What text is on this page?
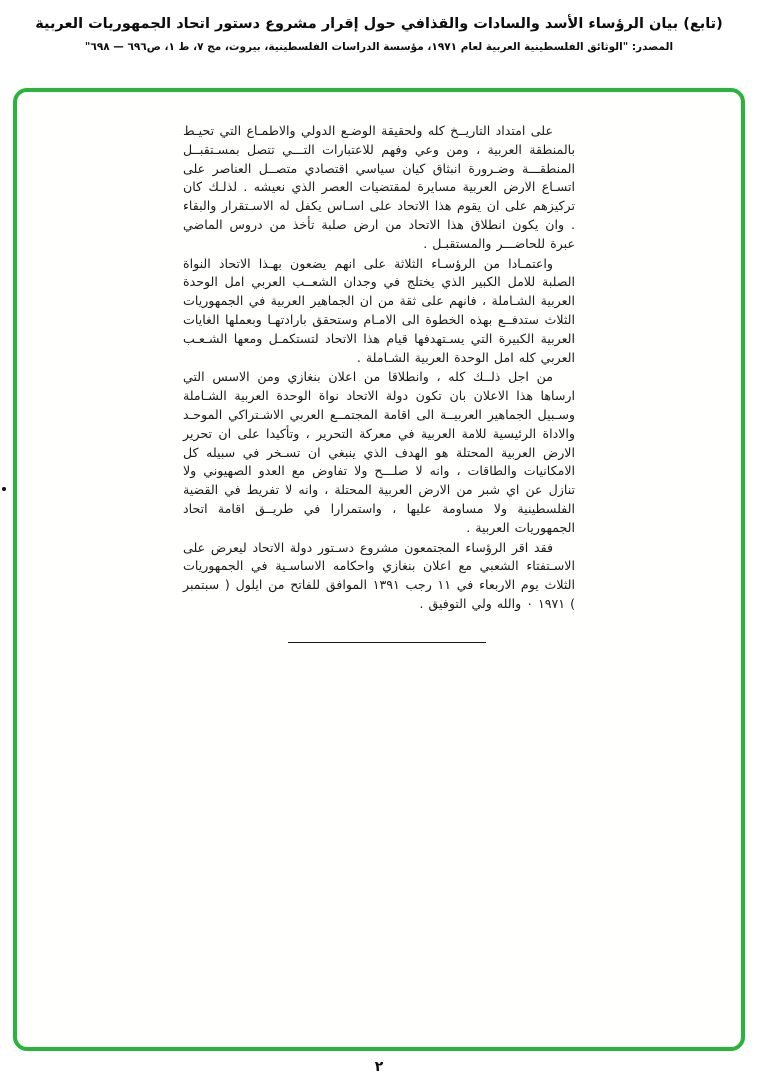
(تابع) بيان الرؤساء الأسد والسادات والقذافي حول إقرار مشروع دستور اتحاد الجمهوريات العربية
المصدر: "الوثائق الفلسطينية العربية لعام ١٩٧١، مؤسسة الدراسات الفلسطينية، بيروت، مج ٧، ط ١، ص٦٩٦ — ٦٩٨"

على امتداد التاريــخ كله ولحقيقة الوضـع الدولي والاطمـاع التي تحيـط بالمنطقة العربية ، ومن وعي وفهم للاعتبارات التـــي تتصل بمسـتقبــل المنطقـــة وضـرورة انبثاق كيان سياسي اقتصادي متصــل العناصر على اتسـاع الارض العربية مسايرة لمقتضيات العصر الذي نعيشه . لذلـك كان تركيزهم على ان يقوم هذا الاتحاد على اسـاس يكفل له الاسـتقرار والبقاء . وان يكون انطلاق هذا الاتحاد من ارض صلبة تأخذ من دروس الماضي عبرة للحاضـــر والمستقبـل .

واعتمـادا من الرؤسـاء الثلاثة على انهم يضعون بهـذا الاتحاد النواة الصلبة للامل الكبير الذي يختلج في وجدان الشعــب العربي امل الوحدة العربية الشـاملة ، فانهم على ثقة من ان الجماهير العربية في الجمهوريات الثلاث ستدفــع بهذه الخطوة الى الامـام وستحقق بارادتهـا وبعملها الغايات العربية الكبيرة التي يسـتهدفها قيام هذا الاتحاد لتستكمـل ومعها الشـعـب العربي كله امل الوحدة العربية الشـاملة .

من اجل ذلــك كله ، وانطلاقا من اعلان بنغازي ومن الاسس التي ارساها هذا الاعلان بان تكون دولة الاتحاد نواة الوحدة العربية الشـاملة وسـبيل الجماهير العربيــة الى اقامة المجتمــع العربي الاشـتراكي الموحـد والاداة الرئيسية للامة العربية في معركة التحرير ، وتأكيدا على ان تحرير الارض العربية المحتلة هو الهدف الذي ينبغي ان تسـخر في سبيله كل الامكانيات والطاقات ، وانه لا صلـــح ولا تفاوض مع العدو الصهيوني ولا تنازل عن اي شبر من الارض العربية المحتلة ، وانه لا تفريط في القضية الفلسطينية ولا مساومة عليها ، واستمرارا في طريــق اقامة اتحاد الجمهوريات العربية .

فقد اقر الرؤساء المجتمعون مشروع دسـتور دولة الاتحاد ليعرض على الاسـتفتاء الشعبي مع اعلان بنغازي واحكامه الاساسـية في الجمهوريات الثلاث يوم الاربعاء في ١١ رجب ١٣٩١ الموافق للفاتح من ايلول ( سبتمبر ) ١٩٧١ ٠ والله ولي التوفيق .

٢
